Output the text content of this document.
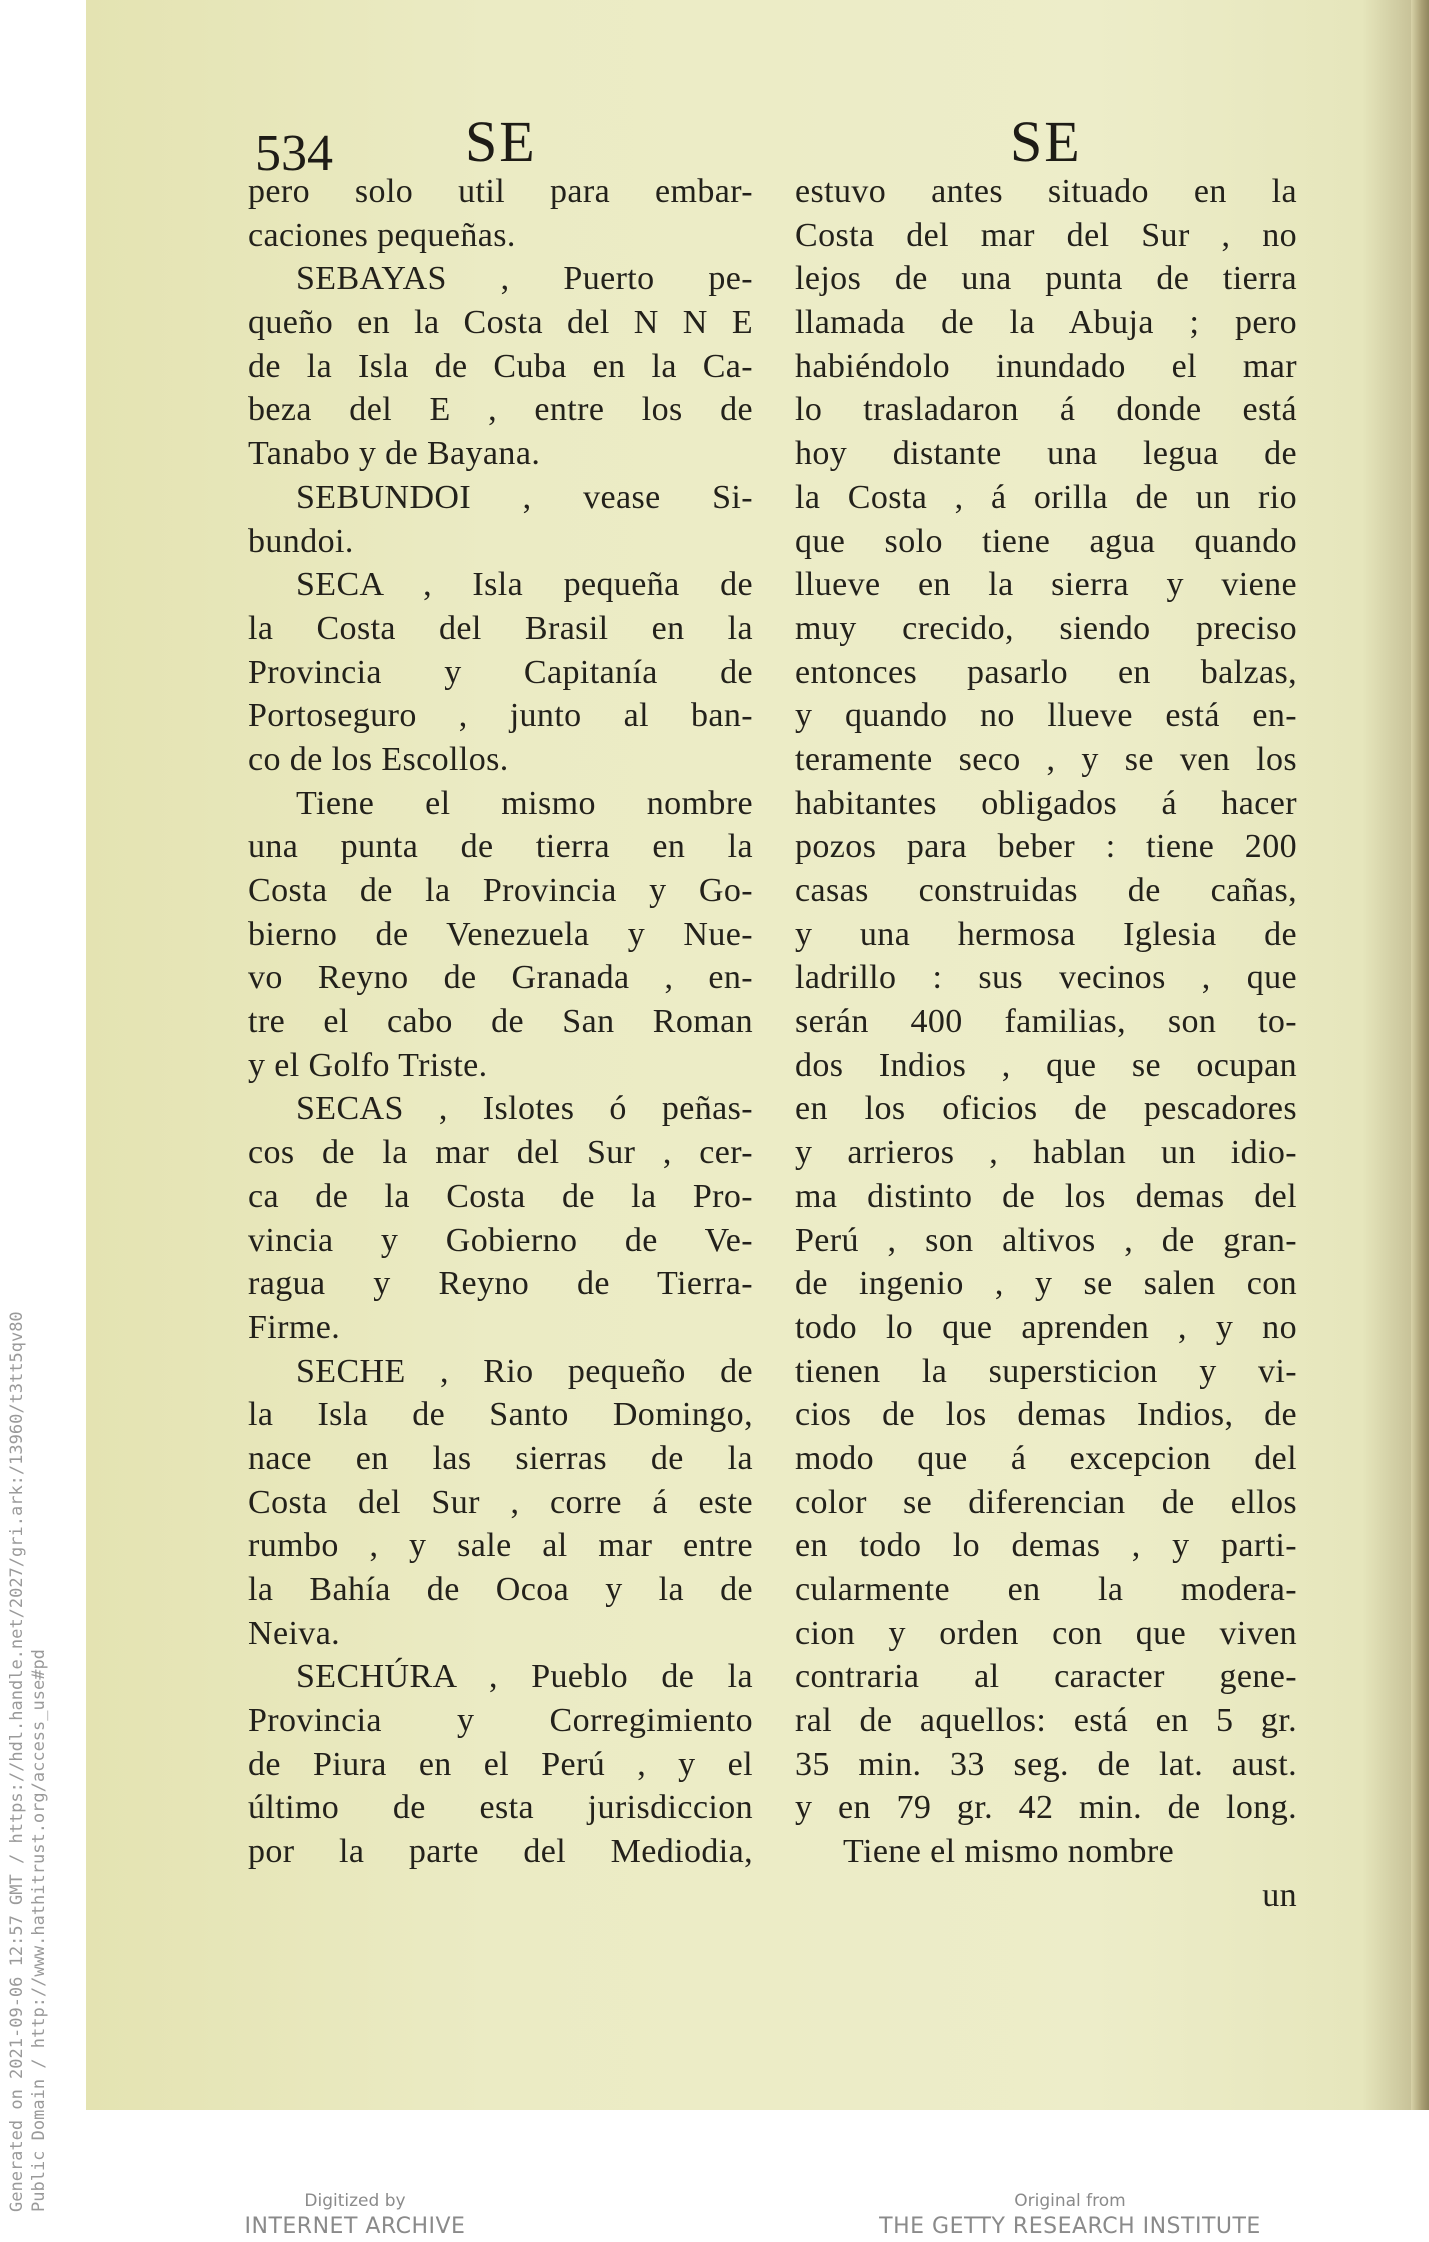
Generated on 2021-09-06 12:57 GMT / https://hdl.handle.net/2027/gri.ark:/13960/t3tt5qv80 Public Domain / http://www.hathitrust.org/access_use#pd
534 SE	SE
pero solo util para embar-
caciones pequeñas.
SEBAYAS , Puerto pe-
queño en la Costa del N N E
de la Isla de Cuba en la Ca-
beza del E , entre los de
Tanabo y de Bayana.
SEBUNDOI , vease Si-
bundoi.
SECA , Isla pequeña de
la Costa del Brasil en la
Provincia y Capitanía de
Portoseguro , junto al ban-
co de los Escollos.
Tiene el mismo nombre
una punta de tierra en la
Costa de la Provincia y Go-
bierno de Venezuela y Nue-
vo Reyno de Granada , en-
tre el cabo de San Roman
y el Golfo Triste.
SECAS , Islotes ó peñas-
cos de la mar del Sur , cer-
ca de la Costa de la Pro-
vincia y Gobierno de Ve-
ragua y Reyno de Tierra-
Firme.
SECHE , Rio pequeño de
la Isla de Santo Domingo,
nace en las sierras de la
Costa del Sur , corre á este
rumbo , y sale al mar entre
la Bahía de Ocoa y la de
Neiva.
SECHÚRA , Pueblo de la
Provincia y Corregimiento
de Piura en el Perú , y el
último de esta jurisdiccion
por la parte del Mediodia,
estuvo antes situado en la
Costa del mar del Sur , no
lejos de una punta de tierra
llamada de la Abuja ; pero
habiéndolo inundado el mar
lo trasladaron á donde está
hoy distante una legua de
la Costa , á orilla de un rio
que solo tiene agua quando
llueve en la sierra y viene
muy crecido, siendo preciso
entonces pasarlo en balzas,
y quando no llueve está en-
teramente seco , y se ven los
habitantes obligados á hacer
pozos para beber : tiene 200
casas construidas de cañas,
y una hermosa Iglesia de
ladrillo : sus vecinos , que
serán 400 familias, son to-
dos Indios , que se ocupan
en los oficios de pescadores
y arrieros , hablan un idio-
ma distinto de los demas del
Perú , son altivos , de gran-
de ingenio , y se salen con
todo lo que aprenden , y no
tienen la supersticion y vi-
cios de los demas Indios, de
modo que á excepcion del
color se diferencian de ellos
en todo lo demas , y parti-
cularmente en la modera-
cion y orden con que viven
contraria al caracter gene-
ral de aquellos: está en 5 gr.
35 min. 33 seg. de lat. aust.
y en 79 gr. 42 min. de long.
Tiene el mismo nombre
un
Digitized by
INTERNET ARCHIVE
Original from
THE GETTY RESEARCH INSTITUTE
